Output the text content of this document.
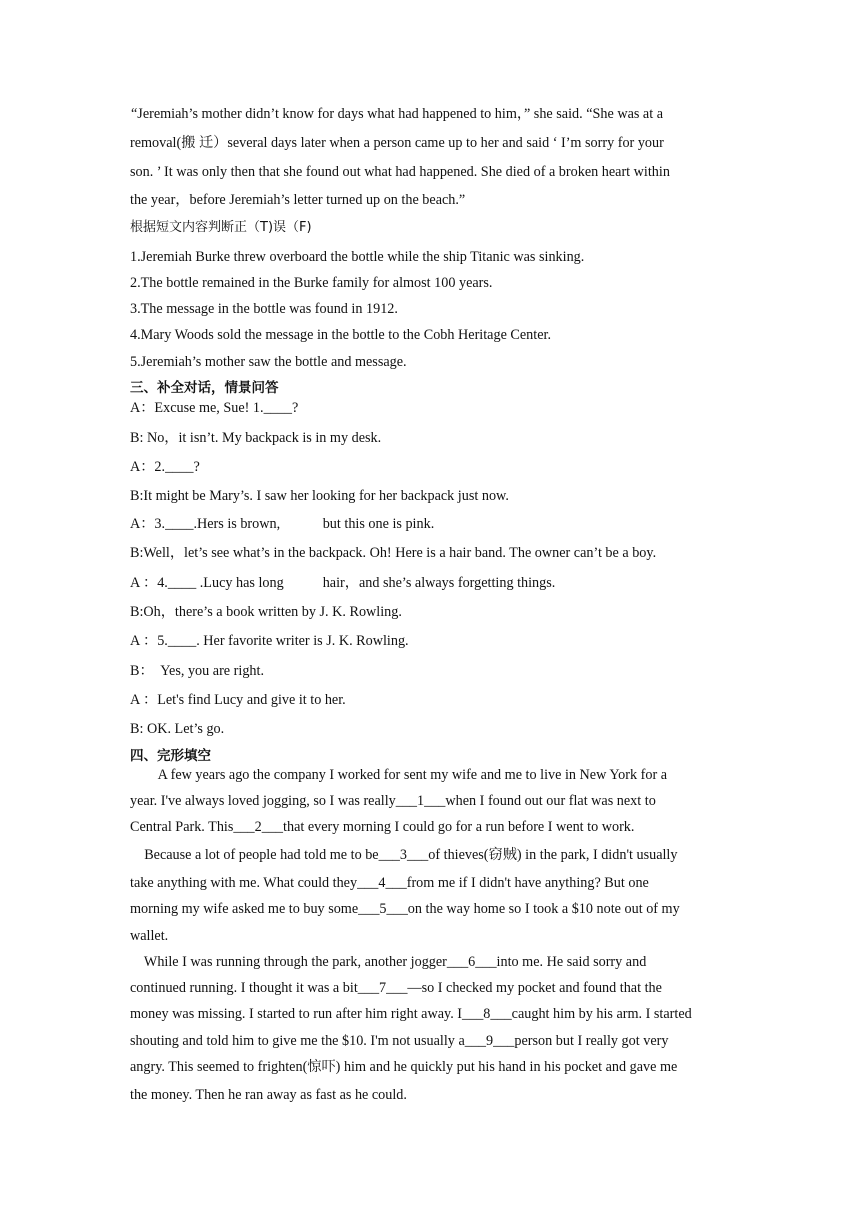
“Jeremiah’s mother didn’t know for days what had happened to him，” she said. “She was at a
removal(搬 迁）several days later when a person came up to her and said ‘ I’m sorry for your
son. ’ It was only then that she found out what had happened. She died of a broken heart within
the year，before Jeremiah’s letter turned up on the beach.”
根据短文内容判断正（T)误（F)
1.Jeremiah Burke threw overboard the bottle while the ship Titanic was sinking.
2.The bottle remained in the Burke family for almost 100 years.
3.The message in the bottle was found in 1912.
4.Mary Woods sold the message in the bottle to the Cobh Heritage Center.
5.Jeremiah’s mother saw the bottle and message.
三、补全对话，情景问答
A：Excuse me, Sue! 1.____?
B: No，it isn’t. My backpack is in my desk.
A：2.____?
B:It might be Mary’s. I saw her looking for her backpack just now.
A：3.____.Hers is brown,            but this one is pink.
B:Well，let’s see what’s in the backpack. Oh! Here is a hair band. The owner can’t be a boy.
A ：4.____ .Lucy has long           hair，and she’s always forgetting things.
B:Oh，there’s a book written by J. K. Rowling.
A ：5.____. Her favorite writer is J. K. Rowling.
B：  Yes, you are right.
A ：Let's find Lucy and give it to her.
B: OK. Let’s go.
四、完形填空
A few years ago the company I worked for sent my wife and me to live in New York for a
year. I've always loved jogging, so I was really___1___when I found out our flat was next to
Central Park. This___2___that every morning I could go for a run before I went to work.
Because a lot of people had told me to be___3___of thieves(窃贼) in the park, I didn't usually
take anything with me. What could they___4___from me if I didn't have anything? But one
morning my wife asked me to buy some___5___on the way home so I took a $10 note out of my
wallet.
While I was running through the park, another jogger___6___into me. He said sorry and
continued running. I thought it was a bit___7___—so I checked my pocket and found that the
money was missing. I started to run after him right away. I___8___caught him by his arm. I started
shouting and told him to give me the $10. I'm not usually a___9___person but I really got very
angry. This seemed to frighten(惊吓) him and he quickly put his hand in his pocket and gave me
the money. Then he ran away as fast as he could.
